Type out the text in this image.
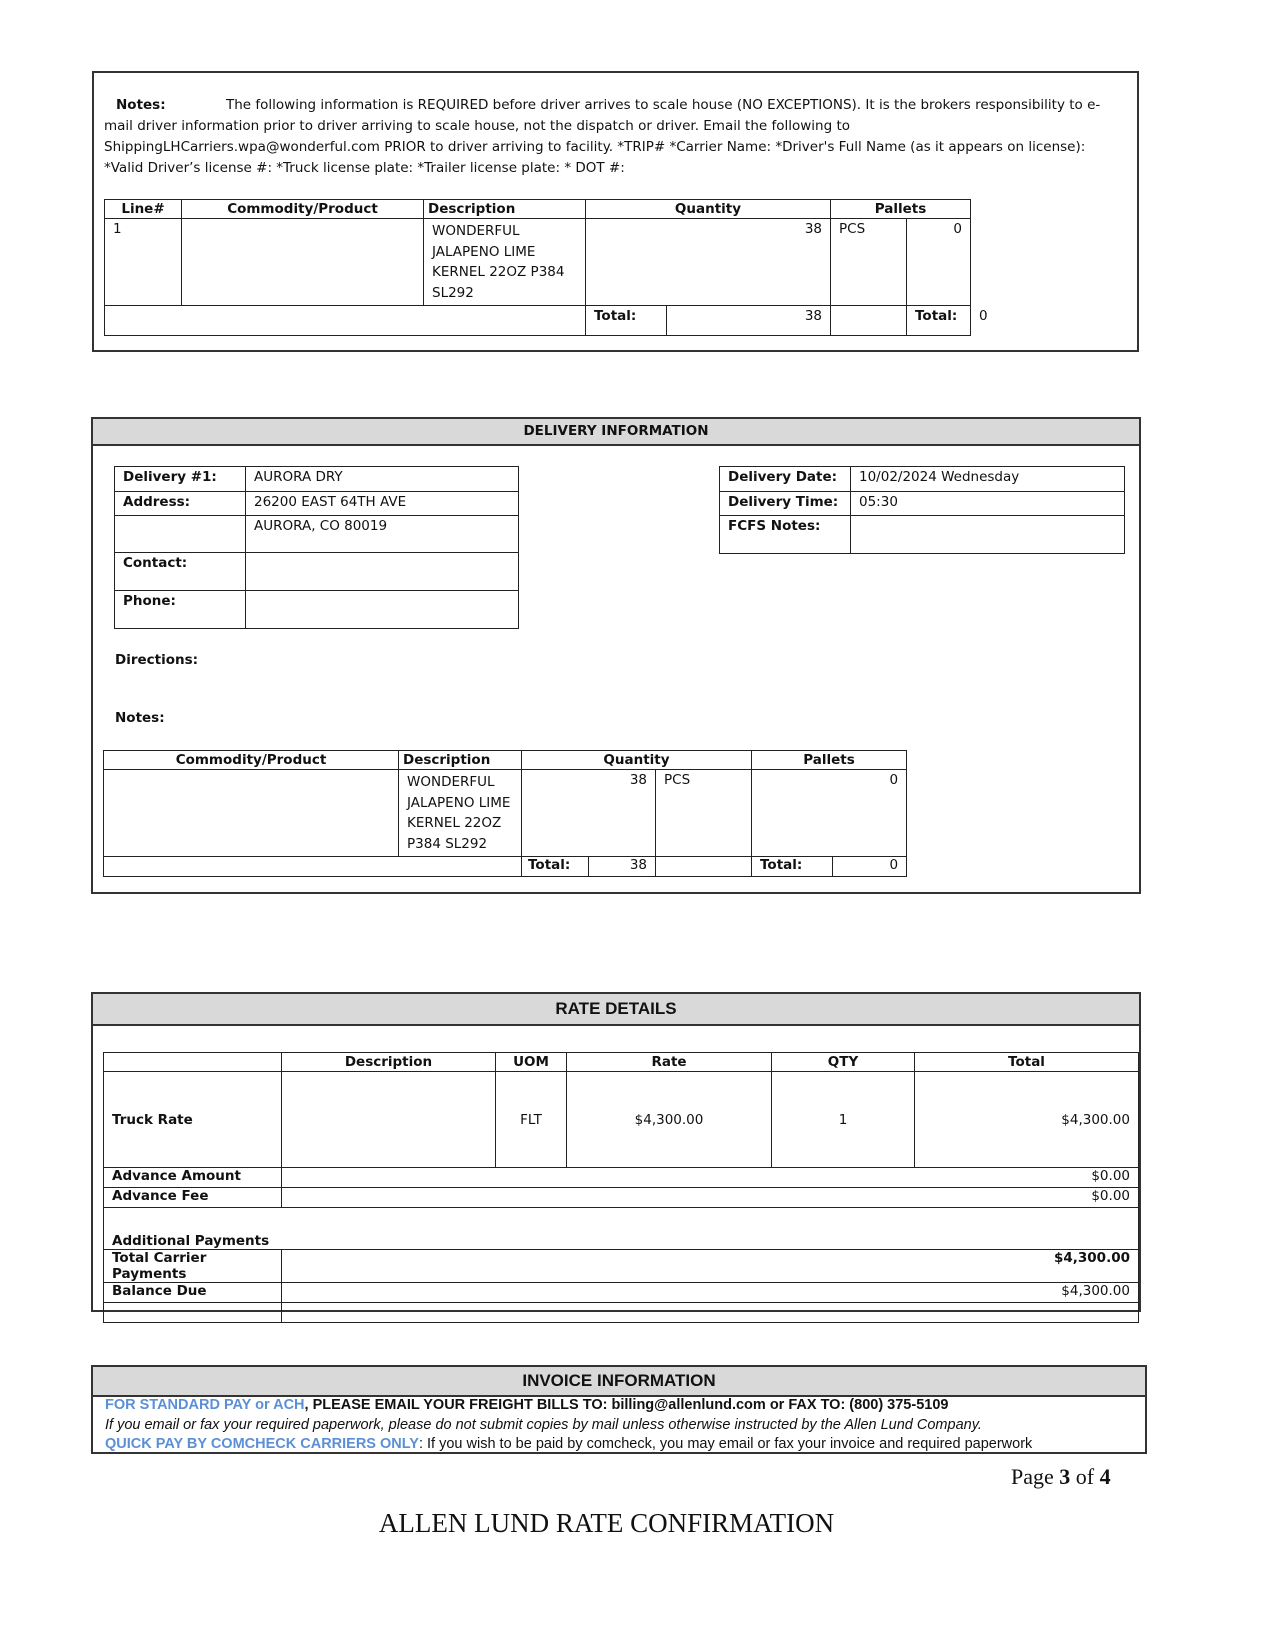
Notes:	The following information is REQUIRED before driver arrives to scale house (NO EXCEPTIONS). It is the brokers responsibility to e-mail driver information prior to driver arriving to scale house, not the dispatch or driver. Email the following to ShippingLHCarriers.wpa@wonderful.com PRIOR to driver arriving to facility. *TRIP# *Carrier Name: *Driver's Full Name (as it appears on license): *Valid Driver’s license #: *Truck license plate: *Trailer license plate: * DOT #:
Line#	Commodity/Product	Description	Quantity		Pallets		
1		WONDERFUL
JALAPENO LIME
KERNEL 22OZ P384
SL292	38		PCS	0	
			Total:	38		Total:	0
DELIVERY INFORMATION
Delivery #1:	AURORA DRY
Address:	26200 EAST 64TH AVE
	AURORA, CO 80019
Contact:	
Phone:	
Delivery Date:	10/02/2024 Wednesday
Delivery Time:	05:30
FCFS Notes:	
Directions:
Notes:
Commodity/Product	Description	Quantity			Pallets	

	WONDERFUL
JALAPENO LIME
KERNEL 22OZ
P384 SL292	38		PCS	0	
		Total:	38		Total:	0
RATE DETAILS
	Description	UOM	Rate	QTY	Total
Truck Rate		FLT	$4,300.00	1	$4,300.00
Advance Amount	$0.00				
Advance Fee	$0.00				
Additional Payments					
Total Carrier Payments	$4,300.00				
Balance Due	$4,300.00				

INVOICE INFORMATION
FOR STANDARD PAY or ACH, PLEASE EMAIL YOUR FREIGHT BILLS TO: billing@allenlund.com or FAX TO: (800) 375-5109
If you email or fax your required paperwork, please do not submit copies by mail unless otherwise instructed by the Allen Lund Company.
QUICK PAY BY COMCHECK CARRIERS ONLY: If you wish to be paid by comcheck, you may email or fax your invoice and required paperwork
Page 3 of 4
ALLEN LUND RATE CONFIRMATION
